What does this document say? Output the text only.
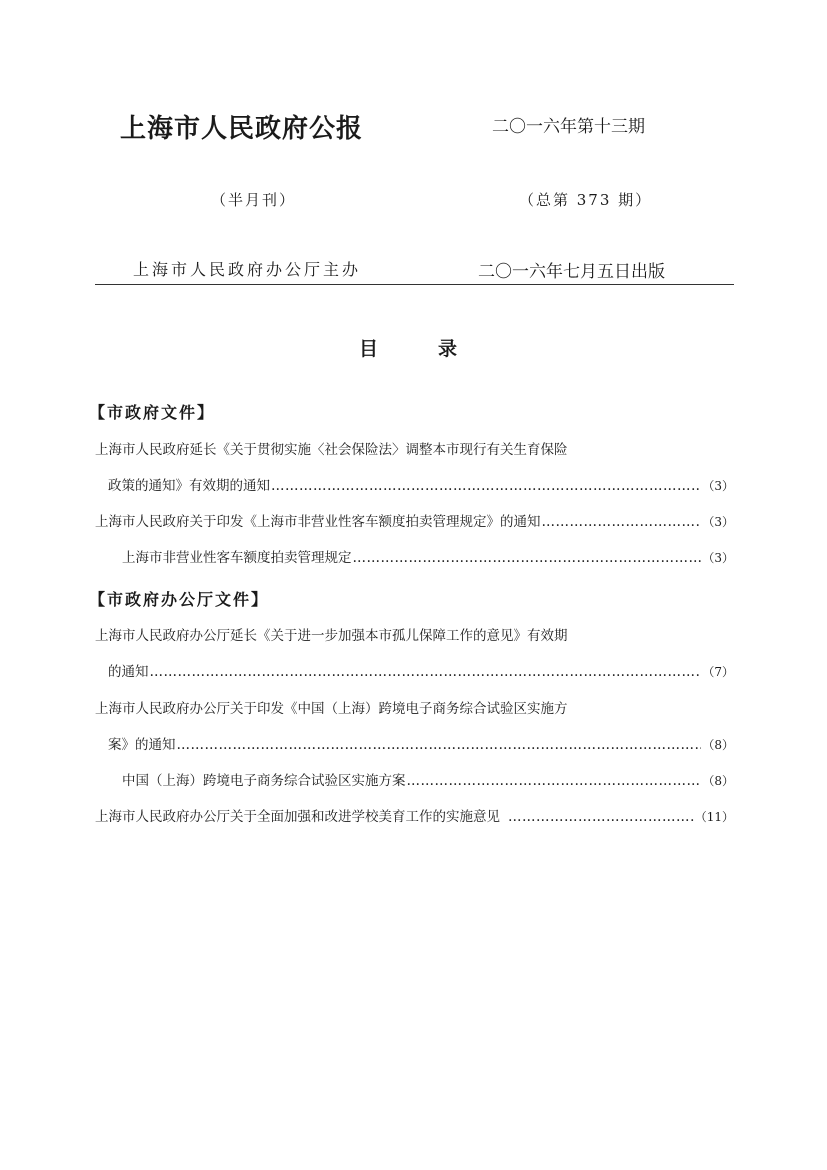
上海市人民政府公报	二〇一六年第十三期
（半月刊）	（总第 373 期）
上海市人民政府办公厅主办	二〇一六年七月五日出版
目录
【市政府文件】
上海市人民政府延长《关于贯彻实施〈社会保险法〉调整本市现行有关生育保险
政策的通知》有效期的通知 ……………………………………………………………………………………………………………………………………………………………………………………………………………………	（3）
上海市人民政府关于印发《上海市非营业性客车额度拍卖管理规定》的通知 ……………………………………………………………………………………………………………………………………………………………………………………………………………………	（3）
上海市非营业性客车额度拍卖管理规定 ……………………………………………………………………………………………………………………………………………………………………………………………………………………	（3）
【市政府办公厅文件】
上海市人民政府办公厅延长《关于进一步加强本市孤儿保障工作的意见》有效期
的通知 ……………………………………………………………………………………………………………………………………………………………………………………………………………………	（7）
上海市人民政府办公厅关于印发《中国（上海）跨境电子商务综合试验区实施方
案》的通知 ……………………………………………………………………………………………………………………………………………………………………………………………………………………	（8）
中国（上海）跨境电子商务综合试验区实施方案 ……………………………………………………………………………………………………………………………………………………………………………………………………………………	（8）
上海市人民政府办公厅关于全面加强和改进学校美育工作的实施意见 ……………………………………………………………………………………………………………………………………………………………………………………………………………………	（11）
